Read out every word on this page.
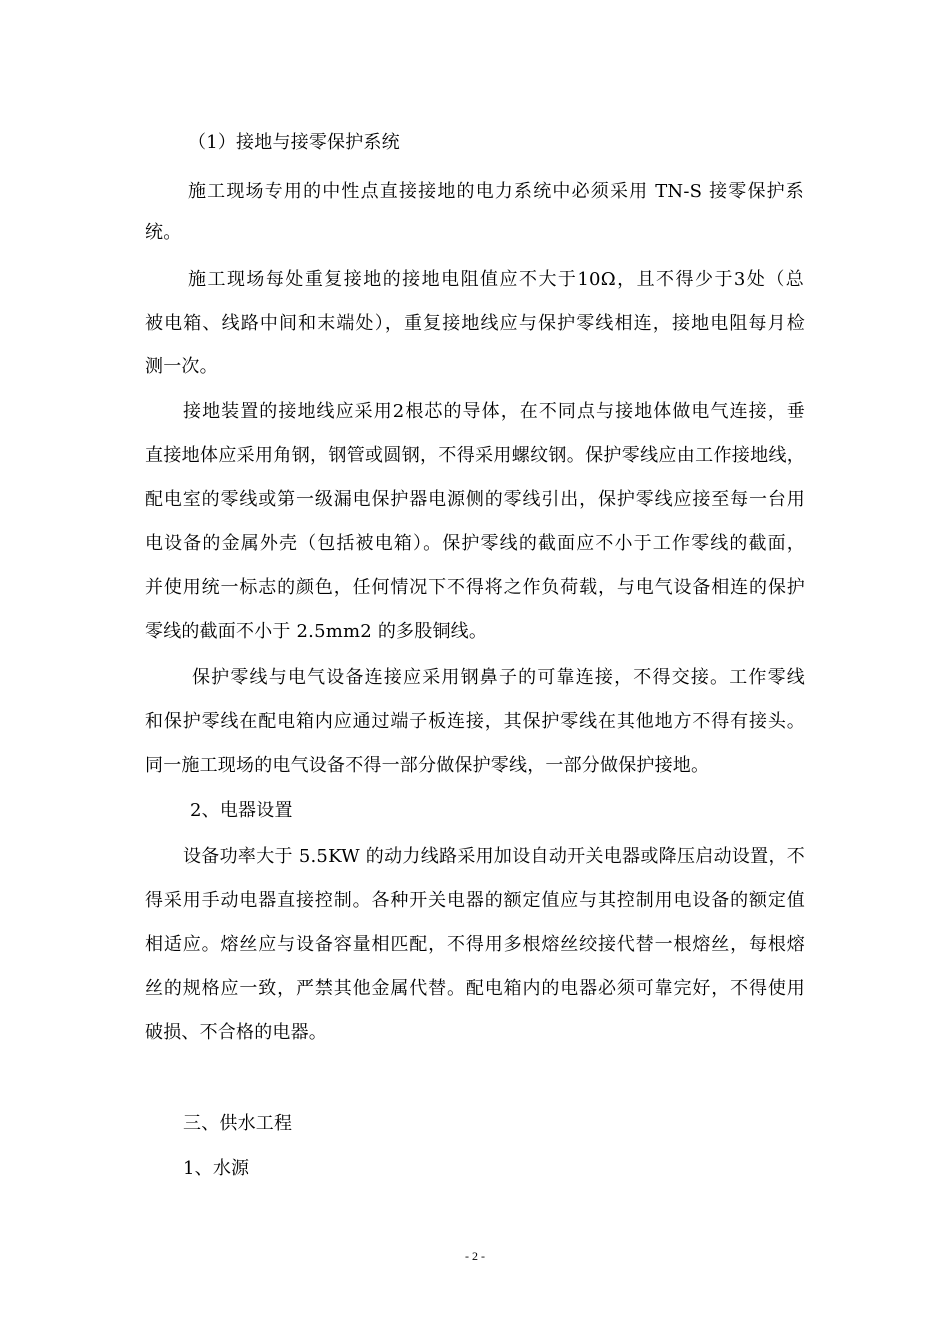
（1）接地与接零保护系统
施工现场专用的中性点直接接地的电力系统中必须采用 TN-S 接零保护系
统。
施工现场每处重复接地的接地电阻值应不大于10Ω，且不得少于3处（总
被电箱、线路中间和末端处），重复接地线应与保护零线相连，接地电阻每月检
测一次。
接地装置的接地线应采用2根芯的导体，在不同点与接地体做电气连接，垂
直接地体应采用角钢，钢管或圆钢，不得采用螺纹钢。保护零线应由工作接地线，
配电室的零线或第一级漏电保护器电源侧的零线引出，保护零线应接至每一台用
电设备的金属外壳（包括被电箱）。保护零线的截面应不小于工作零线的截面，
并使用统一标志的颜色，任何情况下不得将之作负荷载，与电气设备相连的保护
零线的截面不小于 2.5mm2 的多股铜线。
保护零线与电气设备连接应采用钢鼻子的可靠连接，不得交接。工作零线
和保护零线在配电箱内应通过端子板连接，其保护零线在其他地方不得有接头。
同一施工现场的电气设备不得一部分做保护零线，一部分做保护接地。
2、电器设置
设备功率大于 5.5KW 的动力线路采用加设自动开关电器或降压启动设置，不
得采用手动电器直接控制。各种开关电器的额定值应与其控制用电设备的额定值
相适应。熔丝应与设备容量相匹配，不得用多根熔丝绞接代替一根熔丝，每根熔
丝的规格应一致，严禁其他金属代替。配电箱内的电器必须可靠完好，不得使用
破损、不合格的电器。
三、供水工程
1、水源
- 2 -
